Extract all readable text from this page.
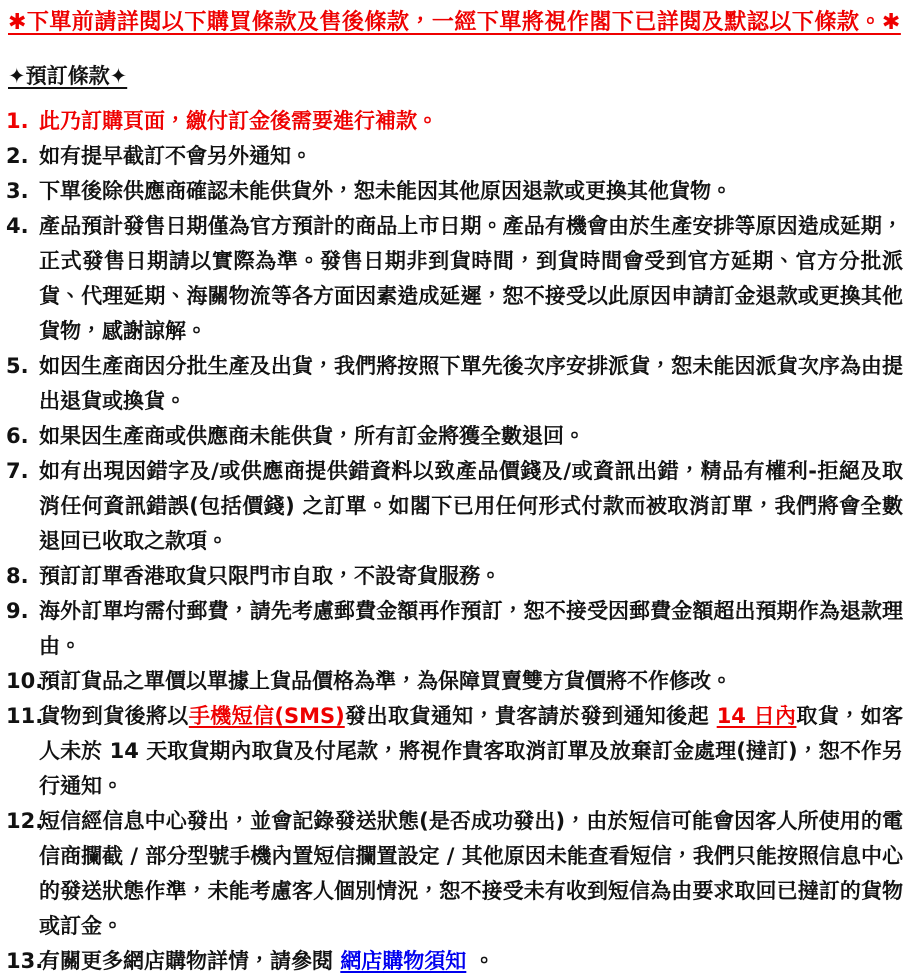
✱下單前請詳閱以下購買條款及售後條款，一經下單將視作閣下已詳閱及默認以下條款。✱
✦預訂條款✦
1. 此乃訂購頁面，繳付訂金後需要進行補款。
2. 如有提早截訂不會另外通知。
3. 下單後除供應商確認未能供貨外，恕未能因其他原因退款或更換其他貨物。
4. 產品預計發售日期僅為官方預計的商品上市日期。產品有機會由於生產安排等原因造成延期，正式發售日期請以實際為準。發售日期非到貨時間，到貨時間會受到官方延期、官方分批派貨、代理延期、海關物流等各方面因素造成延遲，恕不接受以此原因申請訂金退款或更換其他貨物，感謝諒解。
5. 如因生產商因分批生產及出貨，我們將按照下單先後次序安排派貨，恕未能因派貨次序為由提出退貨或換貨。
6. 如果因生產商或供應商未能供貨，所有訂金將獲全數退回。
7. 如有出現因錯字及/或供應商提供錯資料以致產品價錢及/或資訊出錯，精品有權利-拒絕及取消任何資訊錯誤(包括價錢) 之訂單。如閣下已用任何形式付款而被取消訂單，我們將會全數退回已收取之款項。
8. 預訂訂單香港取貨只限門市自取，不設寄貨服務。
9. 海外訂單均需付郵費，請先考慮郵費金額再作預訂，恕不接受因郵費金額超出預期作為退款理由。
10.
預訂貨品之單價以單據上貨品價格為準，為保障買賣雙方貨價將不作修改。
11.
貨物到貨後將以手機短信(SMS)發出取貨通知，貴客請於發到通知後起 14 日內取貨，如客人未於 14 天取貨期內取貨及付尾款，將視作貴客取消訂單及放棄訂金處理(撻訂)，恕不作另行通知。
12.
短信經信息中心發出，並會記錄發送狀態(是否成功發出)，由於短信可能會因客人所使用的電信商攔截 / 部分型號手機內置短信攔置設定 / 其他原因未能查看短信，我們只能按照信息中心的發送狀態作準，未能考慮客人個別情況，恕不接受未有收到短信為由要求取回已撻訂的貨物或訂金。
13.
有關更多網店購物詳情，請參閱 網店購物須知 。
